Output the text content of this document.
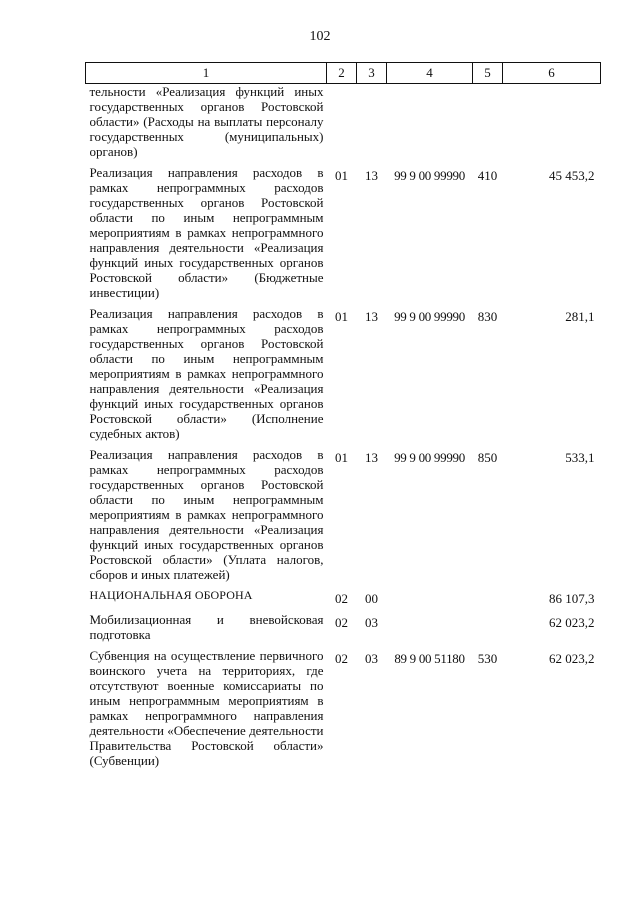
102
1	2	3	4	5	6
тельности «Реализация функций иных государственных органов Ростовской области» (Расходы на выплаты персоналу государственных (муниципальных) органов)					
Реализация направления расходов в рамках непрограммных расходов государственных органов Ростовской области по иным непрограммным мероприятиям в рамках непрограммного направления деятельности «Реализация функций иных государственных органов Ростовской области» (Бюджетные инвестиции)	01	13	99 9 00 99990	410	45 453,2
Реализация направления расходов в рамках непрограммных расходов государственных органов Ростовской области по иным непрограммным мероприятиям в рамках непрограммного направления деятельности «Реализация функций иных государственных органов Ростовской области» (Исполнение судебных актов)	01	13	99 9 00 99990	830	281,1
Реализация направления расходов в рамках непрограммных расходов государственных органов Ростовской области по иным непрограммным мероприятиям в рамках непрограммного направления деятельности «Реализация функций иных государственных органов Ростовской области» (Уплата налогов, сборов и иных платежей)	01	13	99 9 00 99990	850	533,1
НАЦИОНАЛЬНАЯ ОБОРОНА	02	00			86 107,3
Мобилизационная и вневойсковая подготовка	02	03			62 023,2
Субвенция на осуществление первичного воинского учета на территориях, где отсутствуют военные комиссариаты по иным непрограммным мероприятиям в рамках непрограммного направления деятельности «Обеспечение деятельности Правительства Ростовской области» (Субвенции)	02	03	89 9 00 51180	530	62 023,2
